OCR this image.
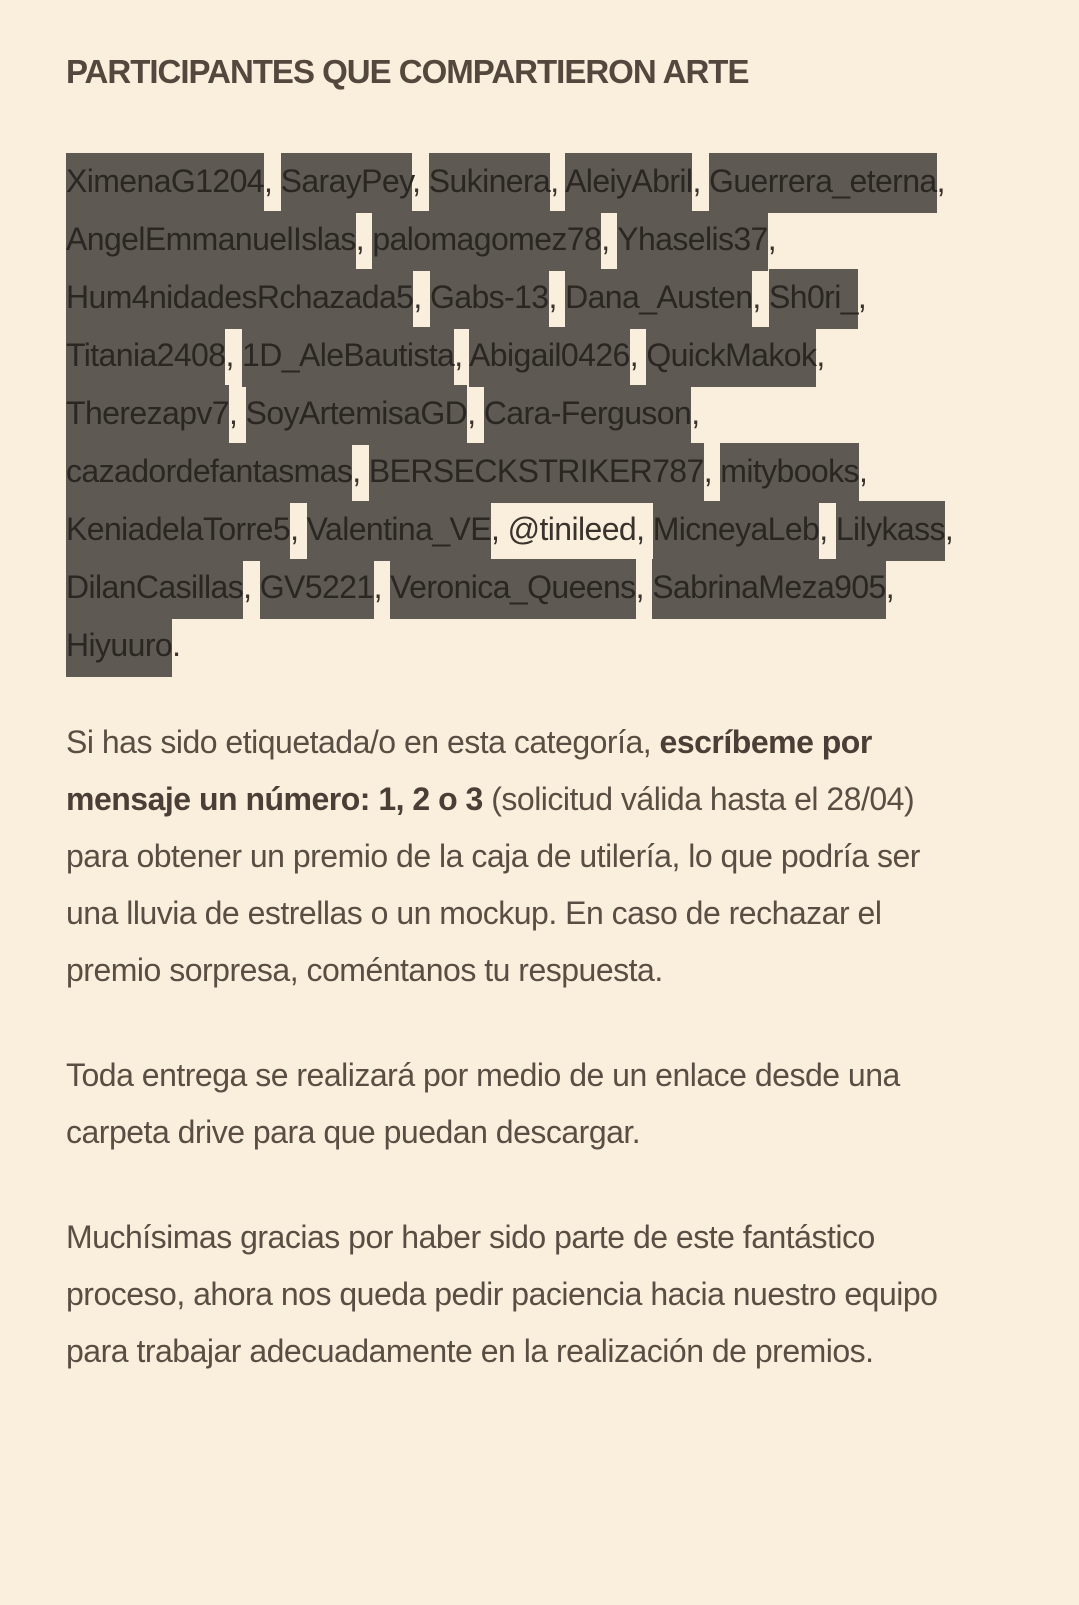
PARTICIPANTES QUE COMPARTIERON ARTE

XimenaG1204, SarayPey, Sukinera, AleiyAbril, Guerrera_eterna, AngelEmmanuelIslas, palomagomez78, Yhaselis37, Hum4nidadesRchazada5, Gabs-13, Dana_Austen, Sh0ri_, Titania2408, 1D_AleBautista, Abigail0426, QuickMakok, Therezapv7, SoyArtemisaGD, Cara-Ferguson, cazadordefantasmas, BERSECKSTRIKER787, mitybooks, KeniadelaTorre5, Valentina_VE, @tinileed, MicneyaLeb, Lilykass, DilanCasillas, GV5221, Veronica_Queens, SabrinaMeza905, Hiyuuro.

Si has sido etiquetada/o en esta categoría, escríbeme por mensaje un número: 1, 2 o 3 (solicitud válida hasta el 28/04) para obtener un premio de la caja de utilería, lo que podría ser una lluvia de estrellas o un mockup. En caso de rechazar el premio sorpresa, coméntanos tu respuesta.

Toda entrega se realizará por medio de un enlace desde una carpeta drive para que puedan descargar.

Muchísimas gracias por haber sido parte de este fantástico proceso, ahora nos queda pedir paciencia hacia nuestro equipo para trabajar adecuadamente en la realización de premios.
